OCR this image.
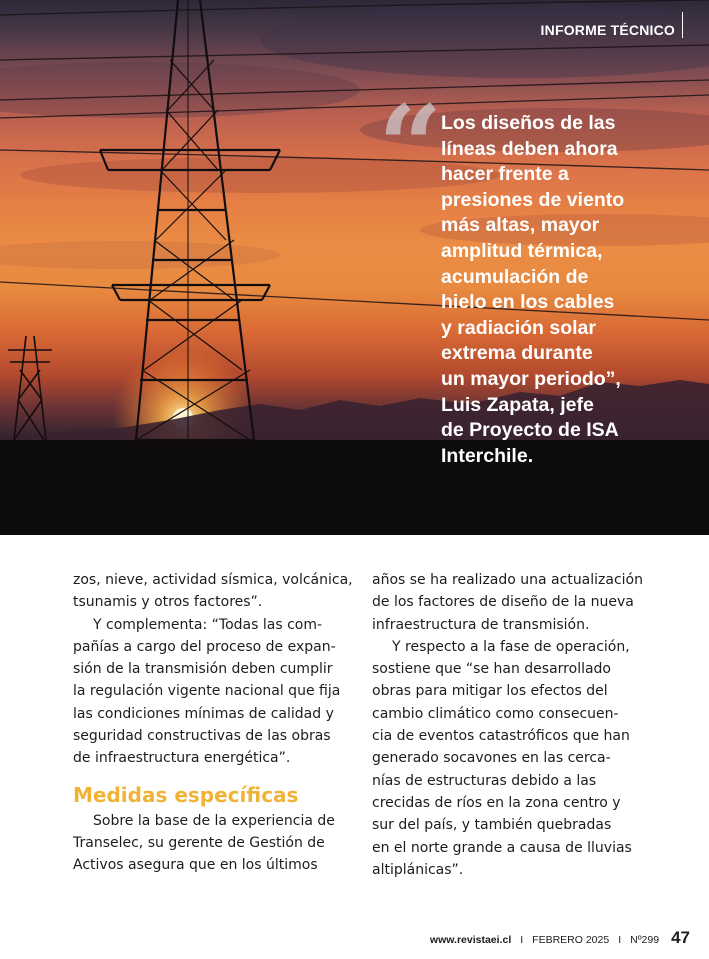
INFORME TÉCNICO
“

Los diseños de las
líneas deben ahora
hacer frente a
presiones de viento
más altas, mayor
amplitud térmica,
acumulación de
hielo en los cables
y radiación solar
extrema durante
un mayor periodo”,
Luis Zapata, jefe
de Proyecto de ISA
Interchile.

zos, nieve, actividad sísmica, volcánica,
tsunamis y otros factores”.

Y complementa: “Todas las com-
pañías a cargo del proceso de expan-
sión de la transmisión deben cumplir
la regulación vigente nacional que fija
las condiciones mínimas de calidad y
seguridad constructivas de las obras
de infraestructura energética”.

Medidas específicas

Sobre la base de la experiencia de
Transelec, su gerente de Gestión de
Activos asegura que en los últimos

años se ha realizado una actualización
de los factores de diseño de la nueva
infraestructura de transmisión.

Y respecto a la fase de operación,
sostiene que “se han desarrollado
obras para mitigar los efectos del
cambio climático como consecuen-
cia de eventos catastróficos que han
generado socavones en las cerca-
nías de estructuras debido a las
crecidas de ríos en la zona centro y
sur del país, y también quebradas
en el norte grande a causa de lluvias
altiplánicas”.

www.revistaei.cl I FEBRERO 2025 I Nº299 47
